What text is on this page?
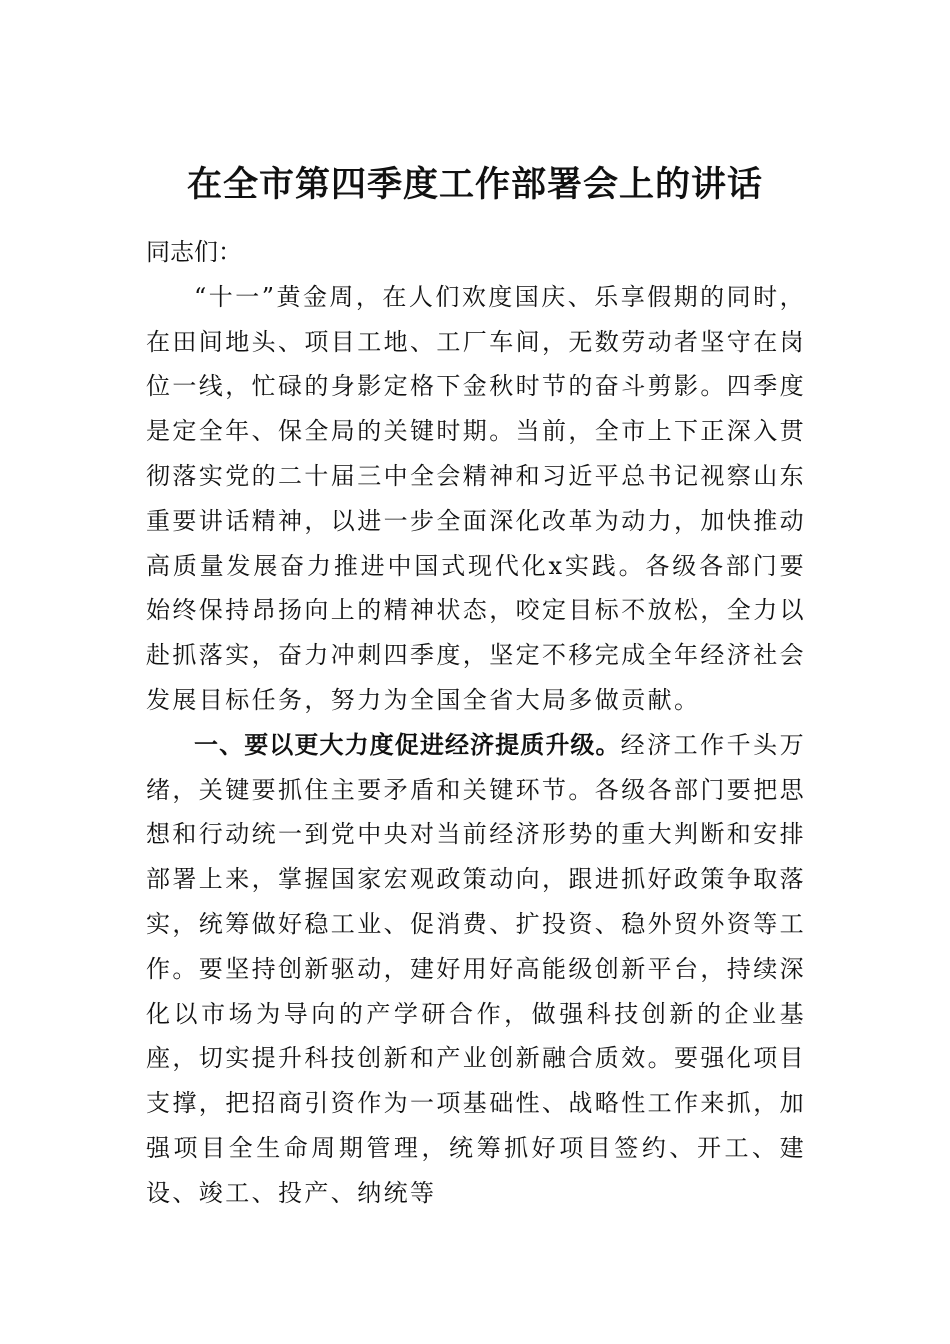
在全市第四季度工作部署会上的讲话

同志们：

“十一”黄金周，在人们欢度国庆、乐享假期的同时，在田间地头、项目工地、工厂车间，无数劳动者坚守在岗位一线，忙碌的身影定格下金秋时节的奋斗剪影。四季度是定全年、保全局的关键时期。当前，全市上下正深入贯彻落实党的二十届三中全会精神和习近平总书记视察山东重要讲话精神，以进一步全面深化改革为动力，加快推动高质量发展奋力推进中国式现代化x实践。各级各部门要始终保持昂扬向上的精神状态，咬定目标不放松，全力以赴抓落实，奋力冲刺四季度，坚定不移完成全年经济社会发展目标任务，努力为全国全省大局多做贡献。

一、要以更大力度促进经济提质升级。经济工作千头万绪，关键要抓住主要矛盾和关键环节。各级各部门要把思想和行动统一到党中央对当前经济形势的重大判断和安排部署上来，掌握国家宏观政策动向，跟进抓好政策争取落实，统筹做好稳工业、促消费、扩投资、稳外贸外资等工作。要坚持创新驱动，建好用好高能级创新平台，持续深化以市场为导向的产学研合作，做强科技创新的企业基座，切实提升科技创新和产业创新融合质效。要强化项目支撑，把招商引资作为一项基础性、战略性工作来抓，加强项目全生命周期管理，统筹抓好项目签约、开工、建设、竣工、投产、纳统等
